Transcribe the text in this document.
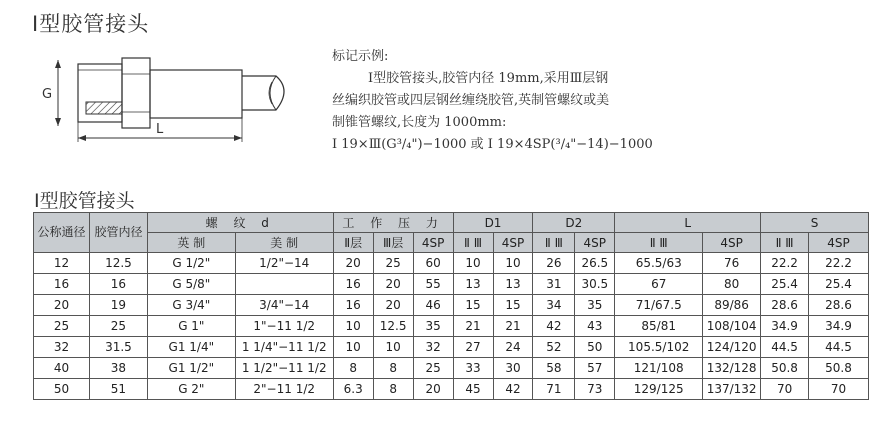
I型胶管接头
G
L
标记示例:
I型胶管接头,胶管内径 19mm,采用Ⅲ层钢
丝编织胶管或四层钢丝缠绕胶管,英制管螺纹或美
制锥管螺纹,长度为 1000mm:
I 19×Ⅲ(G³/₄")−1000 或 I 19×4SP(³/₄"−14)−1000
I型胶管接头
公称通径	胶管内径	螺 纹 d		工 作 压 力			D1		D2		L		S	
		英 制	美 制	Ⅱ层	Ⅲ层	4SP	Ⅱ Ⅲ	4SP	Ⅱ Ⅲ	4SP	Ⅱ Ⅲ	4SP	Ⅱ Ⅲ	4SP
12	12.5	G 1/2"	1/2"−14	20	25	60	10	10	26	26.5	65.5/63	76	22.2	22.2
16	16	G 5/8"		16	20	55	13	13	31	30.5	67	80	25.4	25.4
20	19	G 3/4"	3/4"−14	16	20	46	15	15	34	35	71/67.5	89/86	28.6	28.6
25	25	G 1"	1"−11 1/2	10	12.5	35	21	21	42	43	85/81	108/104	34.9	34.9
32	31.5	G1 1/4"	1 1/4"−11 1/2	10	10	32	27	24	52	50	105.5/102	124/120	44.5	44.5
40	38	G1 1/2"	1 1/2"−11 1/2	8	8	25	33	30	58	57	121/108	132/128	50.8	50.8
50	51	G 2"	2"−11 1/2	6.3	8	20	45	42	71	73	129/125	137/132	70	70
